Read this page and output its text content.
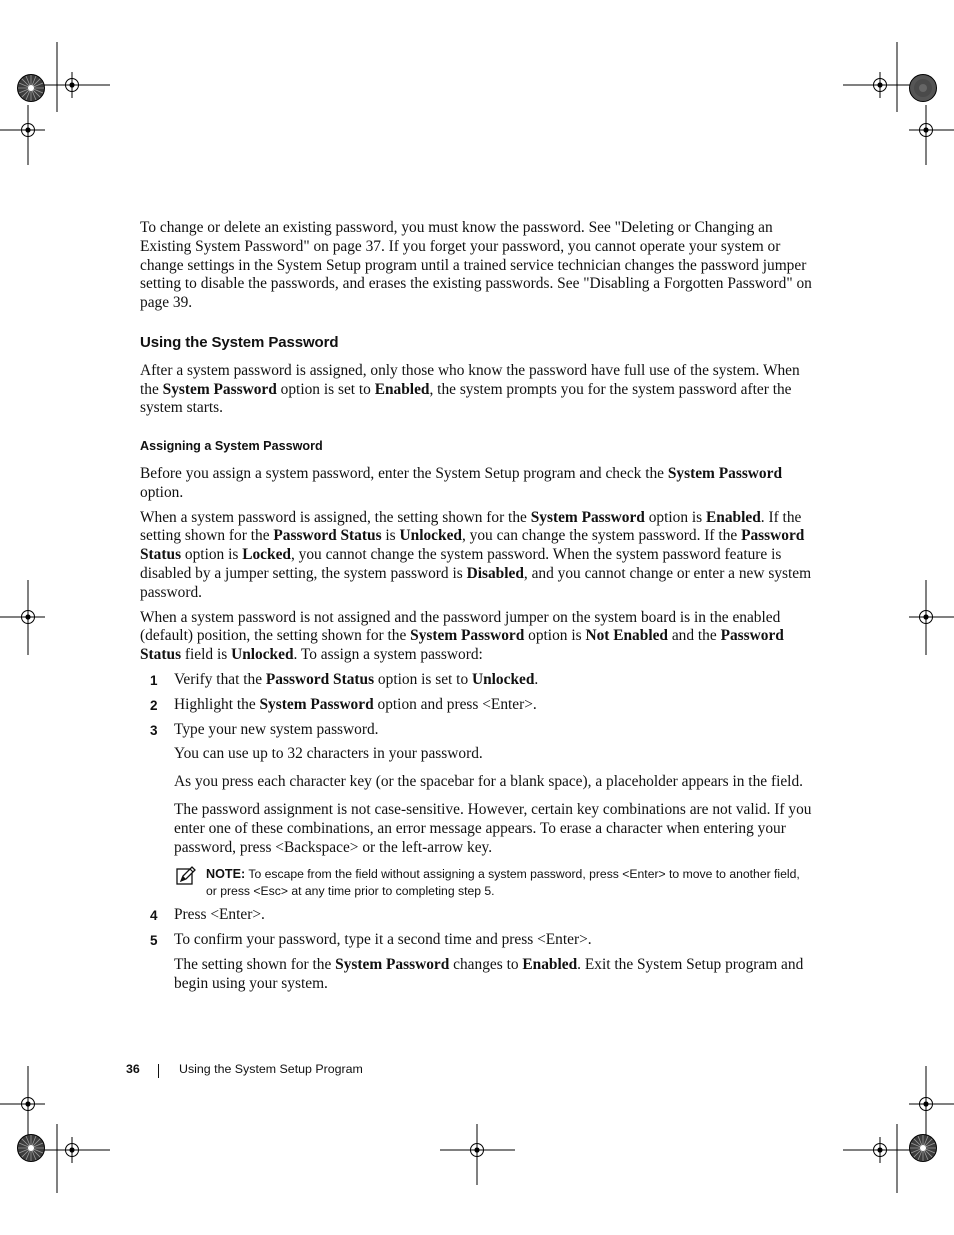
To change or delete an existing password, you must know the password. See "Deleting or Changing an Existing System Password" on page 37. If you forget your password, you cannot operate your system or change settings in the System Setup program until a trained service technician changes the password jumper setting to disable the passwords, and erases the existing passwords. See "Disabling a Forgotten Password" on page 39.

Using the System Password

After a system password is assigned, only those who know the password have full use of the system. When the System Password option is set to Enabled, the system prompts you for the system password after the system starts.

Assigning a System Password

Before you assign a system password, enter the System Setup program and check the System Password option.

When a system password is assigned, the setting shown for the System Password option is Enabled. If the setting shown for the Password Status is Unlocked, you can change the system password. If the Password Status option is Locked, you cannot change the system password. When the system password feature is disabled by a jumper setting, the system password is Disabled, and you cannot change or enter a new system password.

When a system password is not assigned and the password jumper on the system board is in the enabled (default) position, the setting shown for the System Password option is Not Enabled and the Password Status field is Unlocked. To assign a system password:

1 Verify that the Password Status option is set to Unlocked.

2 Highlight the System Password option and press <Enter>.

3 Type your new system password.

You can use up to 32 characters in your password.

As you press each character key (or the spacebar for a blank space), a placeholder appears in the field.

The password assignment is not case-sensitive. However, certain key combinations are not valid. If you enter one of these combinations, an error message appears. To erase a character when entering your password, press <Backspace> or the left-arrow key.

NOTE: To escape from the field without assigning a system password, press <Enter> to move to another field, or press <Esc> at any time prior to completing step 5.

4 Press <Enter>.

5 To confirm your password, type it a second time and press <Enter>.

The setting shown for the System Password changes to Enabled. Exit the System Setup program and begin using your system.

36	Using the System Setup Program
